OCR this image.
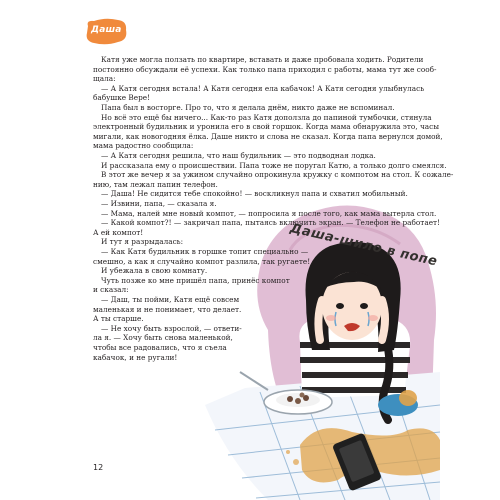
Даша
Даша-шило в попе
Катя уже могла ползать по квартире, вставать и даже пробовала ходить. Родители
постоянно обсуждали её успехи. Как только папа приходил с работы, мама тут же сооб-
щала:
— А Катя сегодня встала! А Катя сегодня ела кабачок! А Катя сегодня улыбнулась
бабушке Вере!
Папа был в восторге. Про то, что я делала днём, никто даже не вспоминал.
Но всё это ещё бы ничего... Как-то раз Катя доползла до папиной тумбочки, стянула
электронный будильник и уронила его в свой горшок. Когда мама обнаружила это, часы
мигали, как новогодняя ёлка. Даше никто и слова не сказал. Когда папа вернулся домой,
мама радостно сообщила:
— А Катя сегодня решила, что наш будильник — это подводная лодка.
И рассказала ему о происшествии. Папа тоже не поругал Катю, а только долго смеялся.
В этот же вечер я за ужином случайно опрокинула кружку с компотом на стол. К сожале-
нию, там лежал папин телефон.
— Даша! Не сидится тебе спокойно! — воскликнул папа и схватил мобильный.
— Извини, папа, — сказала я.
— Мама, налей мне новый компот, — попросила я после того, как мама вытерла стол.
— Какой компот?! — закричал папа, пытаясь включить экран. — Телефон не работает!
А ей компот!
И тут я разрыдалась:
— Как Катя будильник в горшке топит специально —
смешно, а как я случайно компот разлила, так ругаете!
И убежала в свою комнату.
Чуть позже ко мне пришёл папа, принёс компот
и сказал:
— Даш, ты пойми, Катя ещё совсем
маленькая и не понимает, что делает.
А ты старше.
— Не хочу быть взрослой, — ответи-
ла я. — Хочу быть снова маленькой,
чтобы все радовались, что я съела
кабачок, и не ругали!
12
